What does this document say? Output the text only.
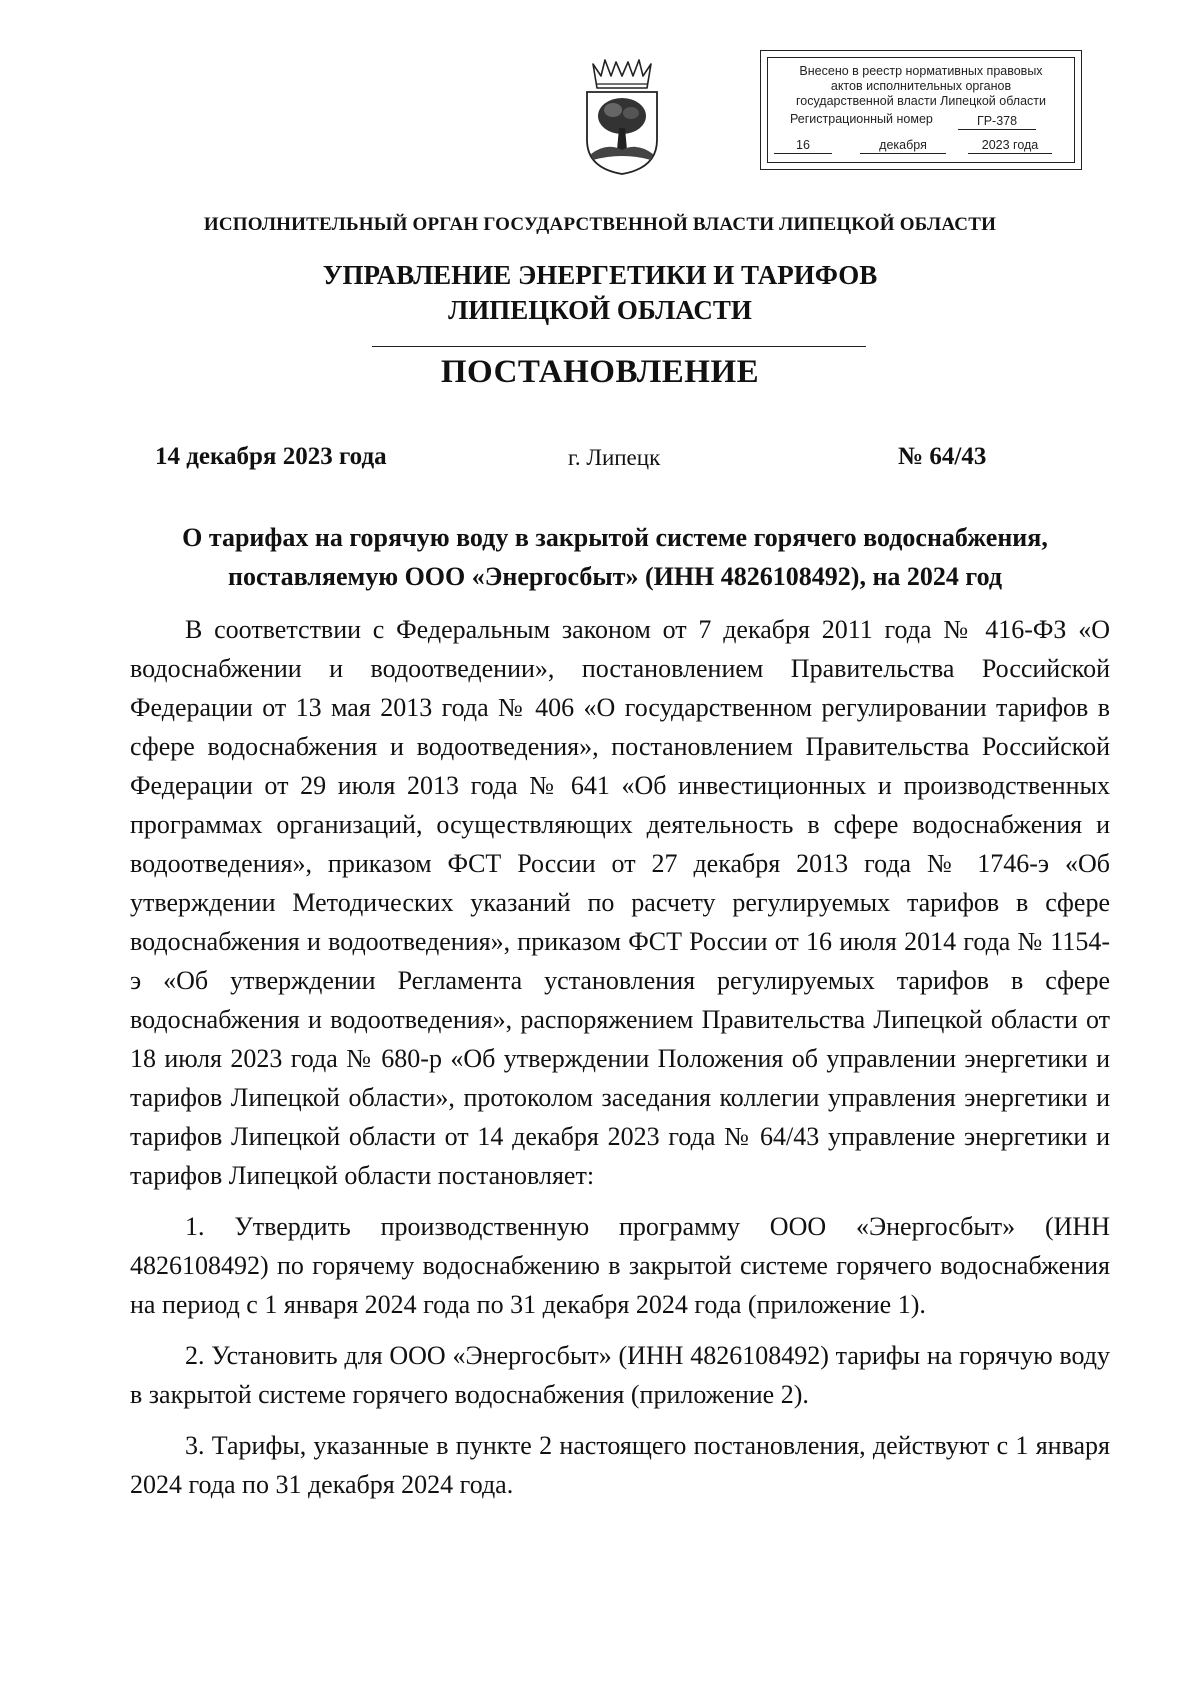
Внесено в реестр нормативных правовых
актов исполнительных органов
государственной власти Липецкой области
Регистрационный номер	ГР-378
16	декабря	2023 года
ИСПОЛНИТЕЛЬНЫЙ ОРГАН ГОСУДАРСТВЕННОЙ ВЛАСТИ ЛИПЕЦКОЙ ОБЛАСТИ
УПРАВЛЕНИЕ ЭНЕРГЕТИКИ И ТАРИФОВ
ЛИПЕЦКОЙ ОБЛАСТИ
ПОСТАНОВЛЕНИЕ
14 декабря 2023 года	г. Липецк	№ 64/43
О тарифах на горячую воду в закрытой системе горячего водоснабжения,
поставляемую ООО «Энергосбыт» (ИНН 4826108492), на 2024 год

В соответствии с Федеральным законом от 7 декабря 2011 года № 416-ФЗ «О водоснабжении и водоотведении», постановлением Правительства Российской Федерации от 13 мая 2013 года № 406 «О государственном регулировании тарифов в сфере водоснабжения и водоотведения», постановлением Правительства Российской Федерации от 29 июля 2013 года № 641 «Об инвестиционных и производственных программах организаций, осуществляющих деятельность в сфере водоснабжения и водоотведения», приказом ФСТ России от 27 декабря 2013 года № 1746-э «Об утверждении Методических указаний по расчету регулируемых тарифов в сфере водоснабжения и водоотведения», приказом ФСТ России от 16 июля 2014 года № 1154-э «Об утверждении Регламента установления регулируемых тарифов в сфере водоснабжения и водоотведения», распоряжением Правительства Липецкой области от 18 июля 2023 года № 680-р «Об утверждении Положения об управлении энергетики и тарифов Липецкой области», протоколом заседания коллегии управления энергетики и тарифов Липецкой области от 14 декабря 2023 года № 64/43 управление энергетики и тарифов Липецкой области постановляет:

1. Утвердить производственную программу ООО «Энергосбыт» (ИНН 4826108492) по горячему водоснабжению в закрытой системе горячего водоснабжения на период с 1 января 2024 года по 31 декабря 2024 года (приложение 1).

2. Установить для ООО «Энергосбыт» (ИНН 4826108492) тарифы на горячую воду в закрытой системе горячего водоснабжения (приложение 2).

3. Тарифы, указанные в пункте 2 настоящего постановления, действуют с 1 января 2024 года по 31 декабря 2024 года.
